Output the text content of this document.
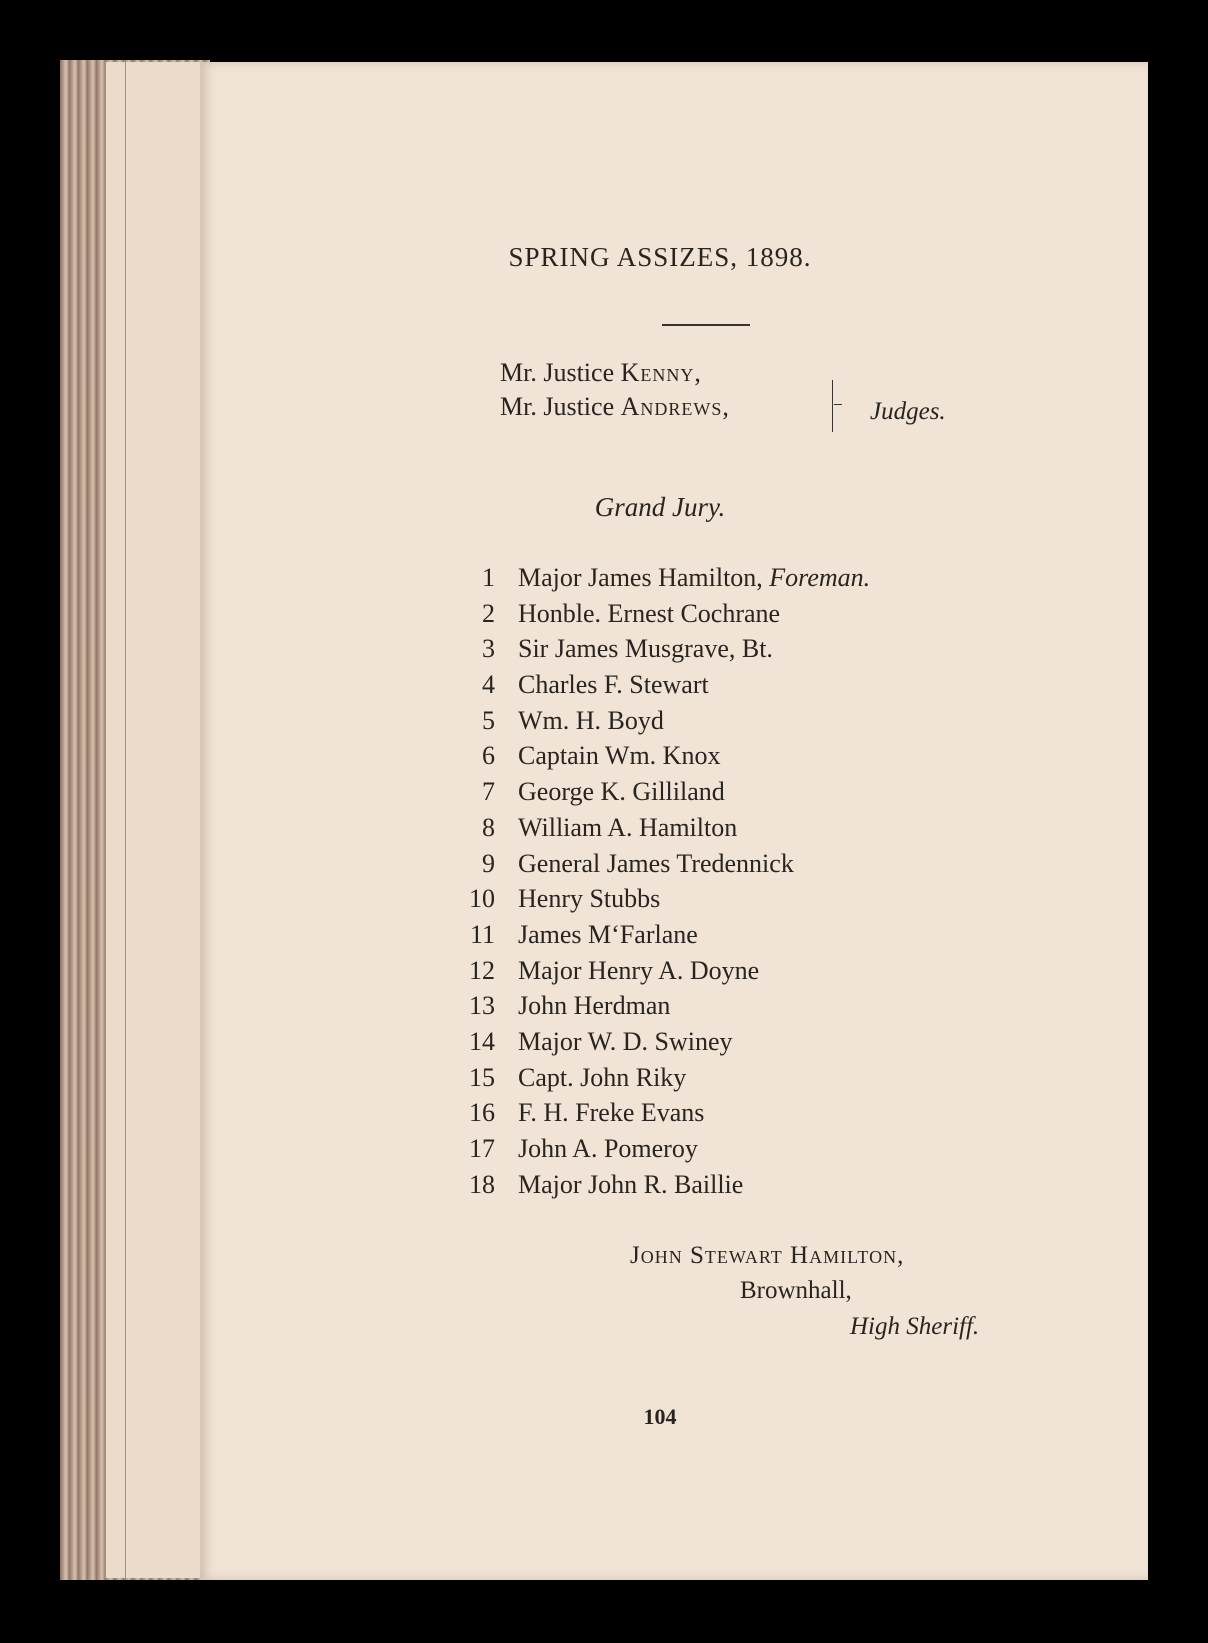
SPRING ASSIZES, 1898.
Mr. Justice Kenny,
Mr. Justice Andrews,	Judges.
Grand Jury.
1 Major James Hamilton, Foreman.
2 Honble. Ernest Cochrane
3 Sir James Musgrave, Bt.
4 Charles F. Stewart
5 Wm. H. Boyd
6 Captain Wm. Knox
7 George K. Gilliland
8 William A. Hamilton
9 General James Tredennick
10 Henry Stubbs
11 James M‘Farlane
12 Major Henry A. Doyne
13 John Herdman
14 Major W. D. Swiney
15 Capt. John Riky
16 F. H. Freke Evans
17 John A. Pomeroy
18 Major John R. Baillie
John Stewart Hamilton,
Brownhall,
High Sheriff.
104
